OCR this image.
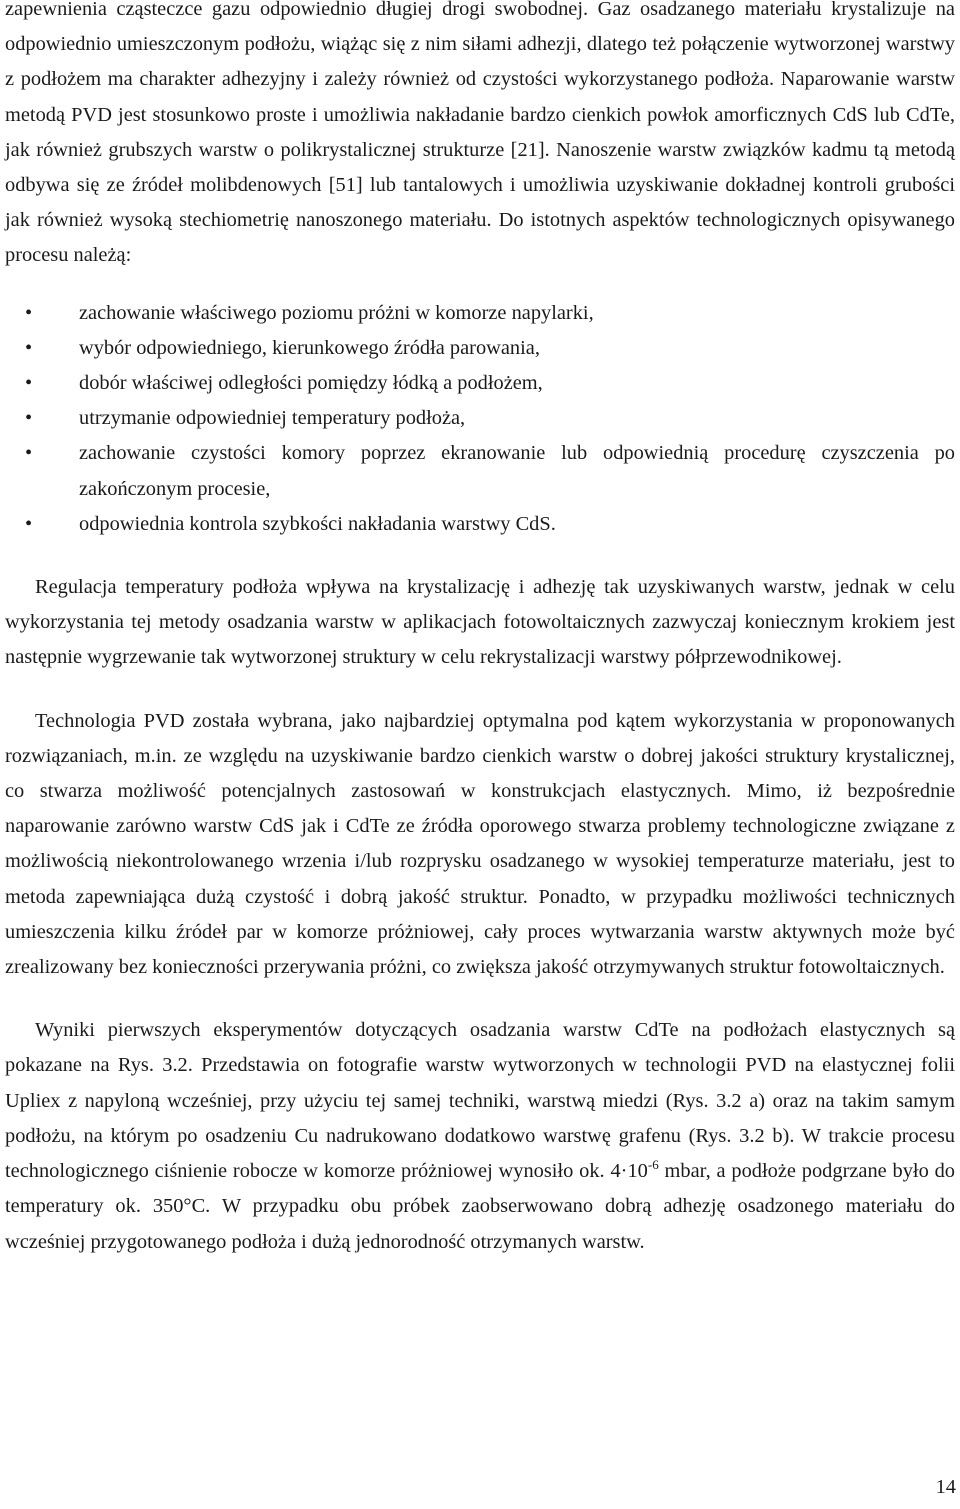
zapewnienia cząsteczce gazu odpowiednio długiej drogi swobodnej. Gaz osadzanego materiału krystalizuje na odpowiednio umieszczonym podłożu, wiążąc się z nim siłami adhezji, dlatego też połączenie wytworzonej warstwy z podłożem ma charakter adhezyjny i zależy również od czystości wykorzystanego podłoża. Naparowanie warstw metodą PVD jest stosunkowo proste i umożliwia nakładanie bardzo cienkich powłok amorficznych CdS lub CdTe, jak również grubszych warstw o polikrystalicznej strukturze [21]. Nanoszenie warstw związków kadmu tą metodą odbywa się ze źródeł molibdenowych [51] lub tantalowych i umożliwia uzyskiwanie dokładnej kontroli grubości jak również wysoką stechiometrię nanoszonego materiału. Do istotnych aspektów technologicznych opisywanego procesu należą:

• zachowanie właściwego poziomu próżni w komorze napylarki,
• wybór odpowiedniego, kierunkowego źródła parowania,
• dobór właściwej odległości pomiędzy łódką a podłożem,
• utrzymanie odpowiedniej temperatury podłoża,
• zachowanie czystości komory poprzez ekranowanie lub odpowiednią procedurę czyszczenia po zakończonym procesie,
• odpowiednia kontrola szybkości nakładania warstwy CdS.

Regulacja temperatury podłoża wpływa na krystalizację i adhezję tak uzyskiwanych warstw, jednak w celu wykorzystania tej metody osadzania warstw w aplikacjach fotowoltaicznych zazwyczaj koniecznym krokiem jest następnie wygrzewanie tak wytworzonej struktury w celu rekrystalizacji warstwy półprzewodnikowej.

Technologia PVD została wybrana, jako najbardziej optymalna pod kątem wykorzystania w proponowanych rozwiązaniach, m.in. ze względu na uzyskiwanie bardzo cienkich warstw o dobrej jakości struktury krystalicznej, co stwarza możliwość potencjalnych zastosowań w konstrukcjach elastycznych. Mimo, iż bezpośrednie naparowanie zarówno warstw CdS jak i CdTe ze źródła oporowego stwarza problemy technologiczne związane z możliwością niekontrolowanego wrzenia i/lub rozprysku osadzanego w wysokiej temperaturze materiału, jest to metoda zapewniająca dużą czystość i dobrą jakość struktur. Ponadto, w przypadku możliwości technicznych umieszczenia kilku źródeł par w komorze próżniowej, cały proces wytwarzania warstw aktywnych może być zrealizowany bez konieczności przerywania próżni, co zwiększa jakość otrzymywanych struktur fotowoltaicznych.

Wyniki pierwszych eksperymentów dotyczących osadzania warstw CdTe na podłożach elastycznych są pokazane na Rys. 3.2. Przedstawia on fotografie warstw wytworzonych w technologii PVD na elastycznej folii Upliex z napyloną wcześniej, przy użyciu tej samej techniki, warstwą miedzi (Rys. 3.2 a) oraz na takim samym podłożu, na którym po osadzeniu Cu nadrukowano dodatkowo warstwę grafenu (Rys. 3.2 b). W trakcie procesu technologicznego ciśnienie robocze w komorze próżniowej wynosiło ok. $4\cdot 10^{-6}$ mbar, a podłoże podgrzane było do temperatury ok. 350°C. W przypadku obu próbek zaobserwowano dobrą adhezję osadzonego materiału do wcześniej przygotowanego podłoża i dużą jednorodność otrzymanych warstw.

14
